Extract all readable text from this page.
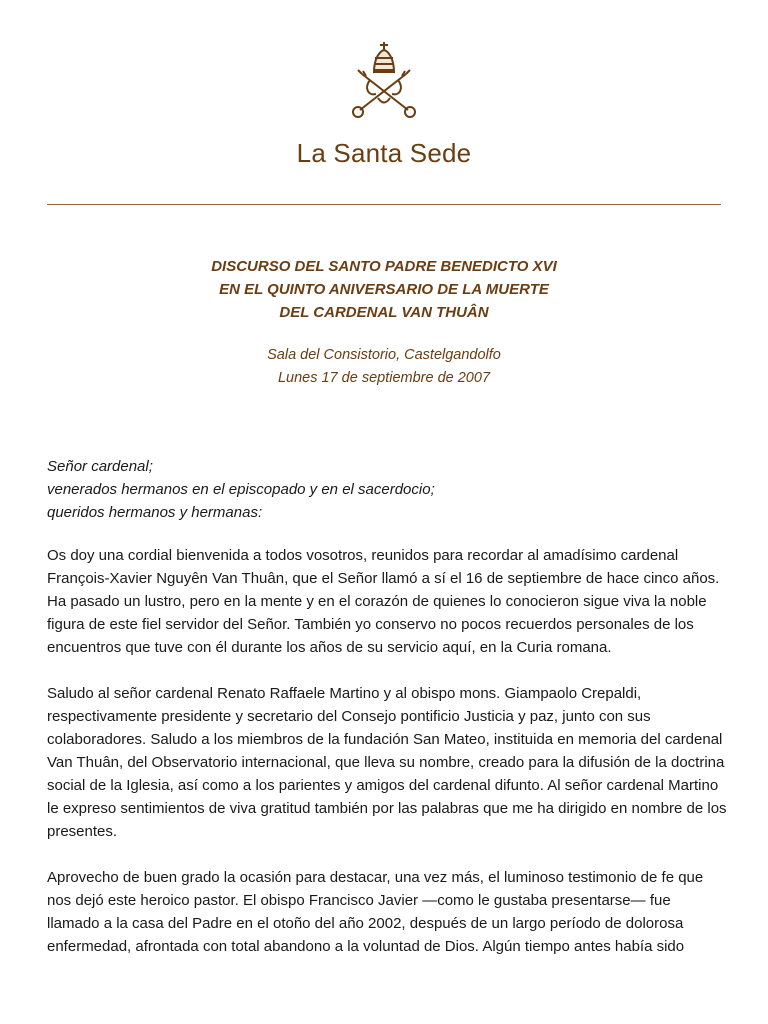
La Santa Sede
DISCURSO DEL SANTO PADRE BENEDICTO XVI
EN EL QUINTO ANIVERSARIO DE LA MUERTE
DEL CARDENAL VAN THUÂN
Sala del Consistorio, Castelgandolfo
Lunes 17 de septiembre de 2007
Señor cardenal;
venerados hermanos en el episcopado y en el sacerdocio;
queridos hermanos y hermanas:

Os doy una cordial bienvenida a todos vosotros, reunidos para recordar al amadísimo cardenal François-Xavier Nguyên Van Thuân, que el Señor llamó a sí el 16 de septiembre de hace cinco años. Ha pasado un lustro, pero en la mente y en el corazón de quienes lo conocieron sigue viva la noble figura de este fiel servidor del Señor. También yo conservo no pocos recuerdos personales de los encuentros que tuve con él durante los años de su servicio aquí, en la Curia romana.

Saludo al señor cardenal Renato Raffaele Martino y al obispo mons. Giampaolo Crepaldi, respectivamente presidente y secretario del Consejo pontificio Justicia y paz, junto con sus colaboradores. Saludo a los miembros de la fundación San Mateo, instituida en memoria del cardenal Van Thuân, del Observatorio internacional, que lleva su nombre, creado para la difusión de la doctrina social de la Iglesia, así como a los parientes y amigos del cardenal difunto. Al señor cardenal Martino le expreso sentimientos de viva gratitud también por las palabras que me ha dirigido en nombre de los presentes.

Aprovecho de buen grado la ocasión para destacar, una vez más, el luminoso testimonio de fe que nos dejó este heroico pastor. El obispo Francisco Javier —como le gustaba presentarse— fue llamado a la casa del Padre en el otoño del año 2002, después de un largo período de dolorosa enfermedad, afrontada con total abandono a la voluntad de Dios. Algún tiempo antes había sido
